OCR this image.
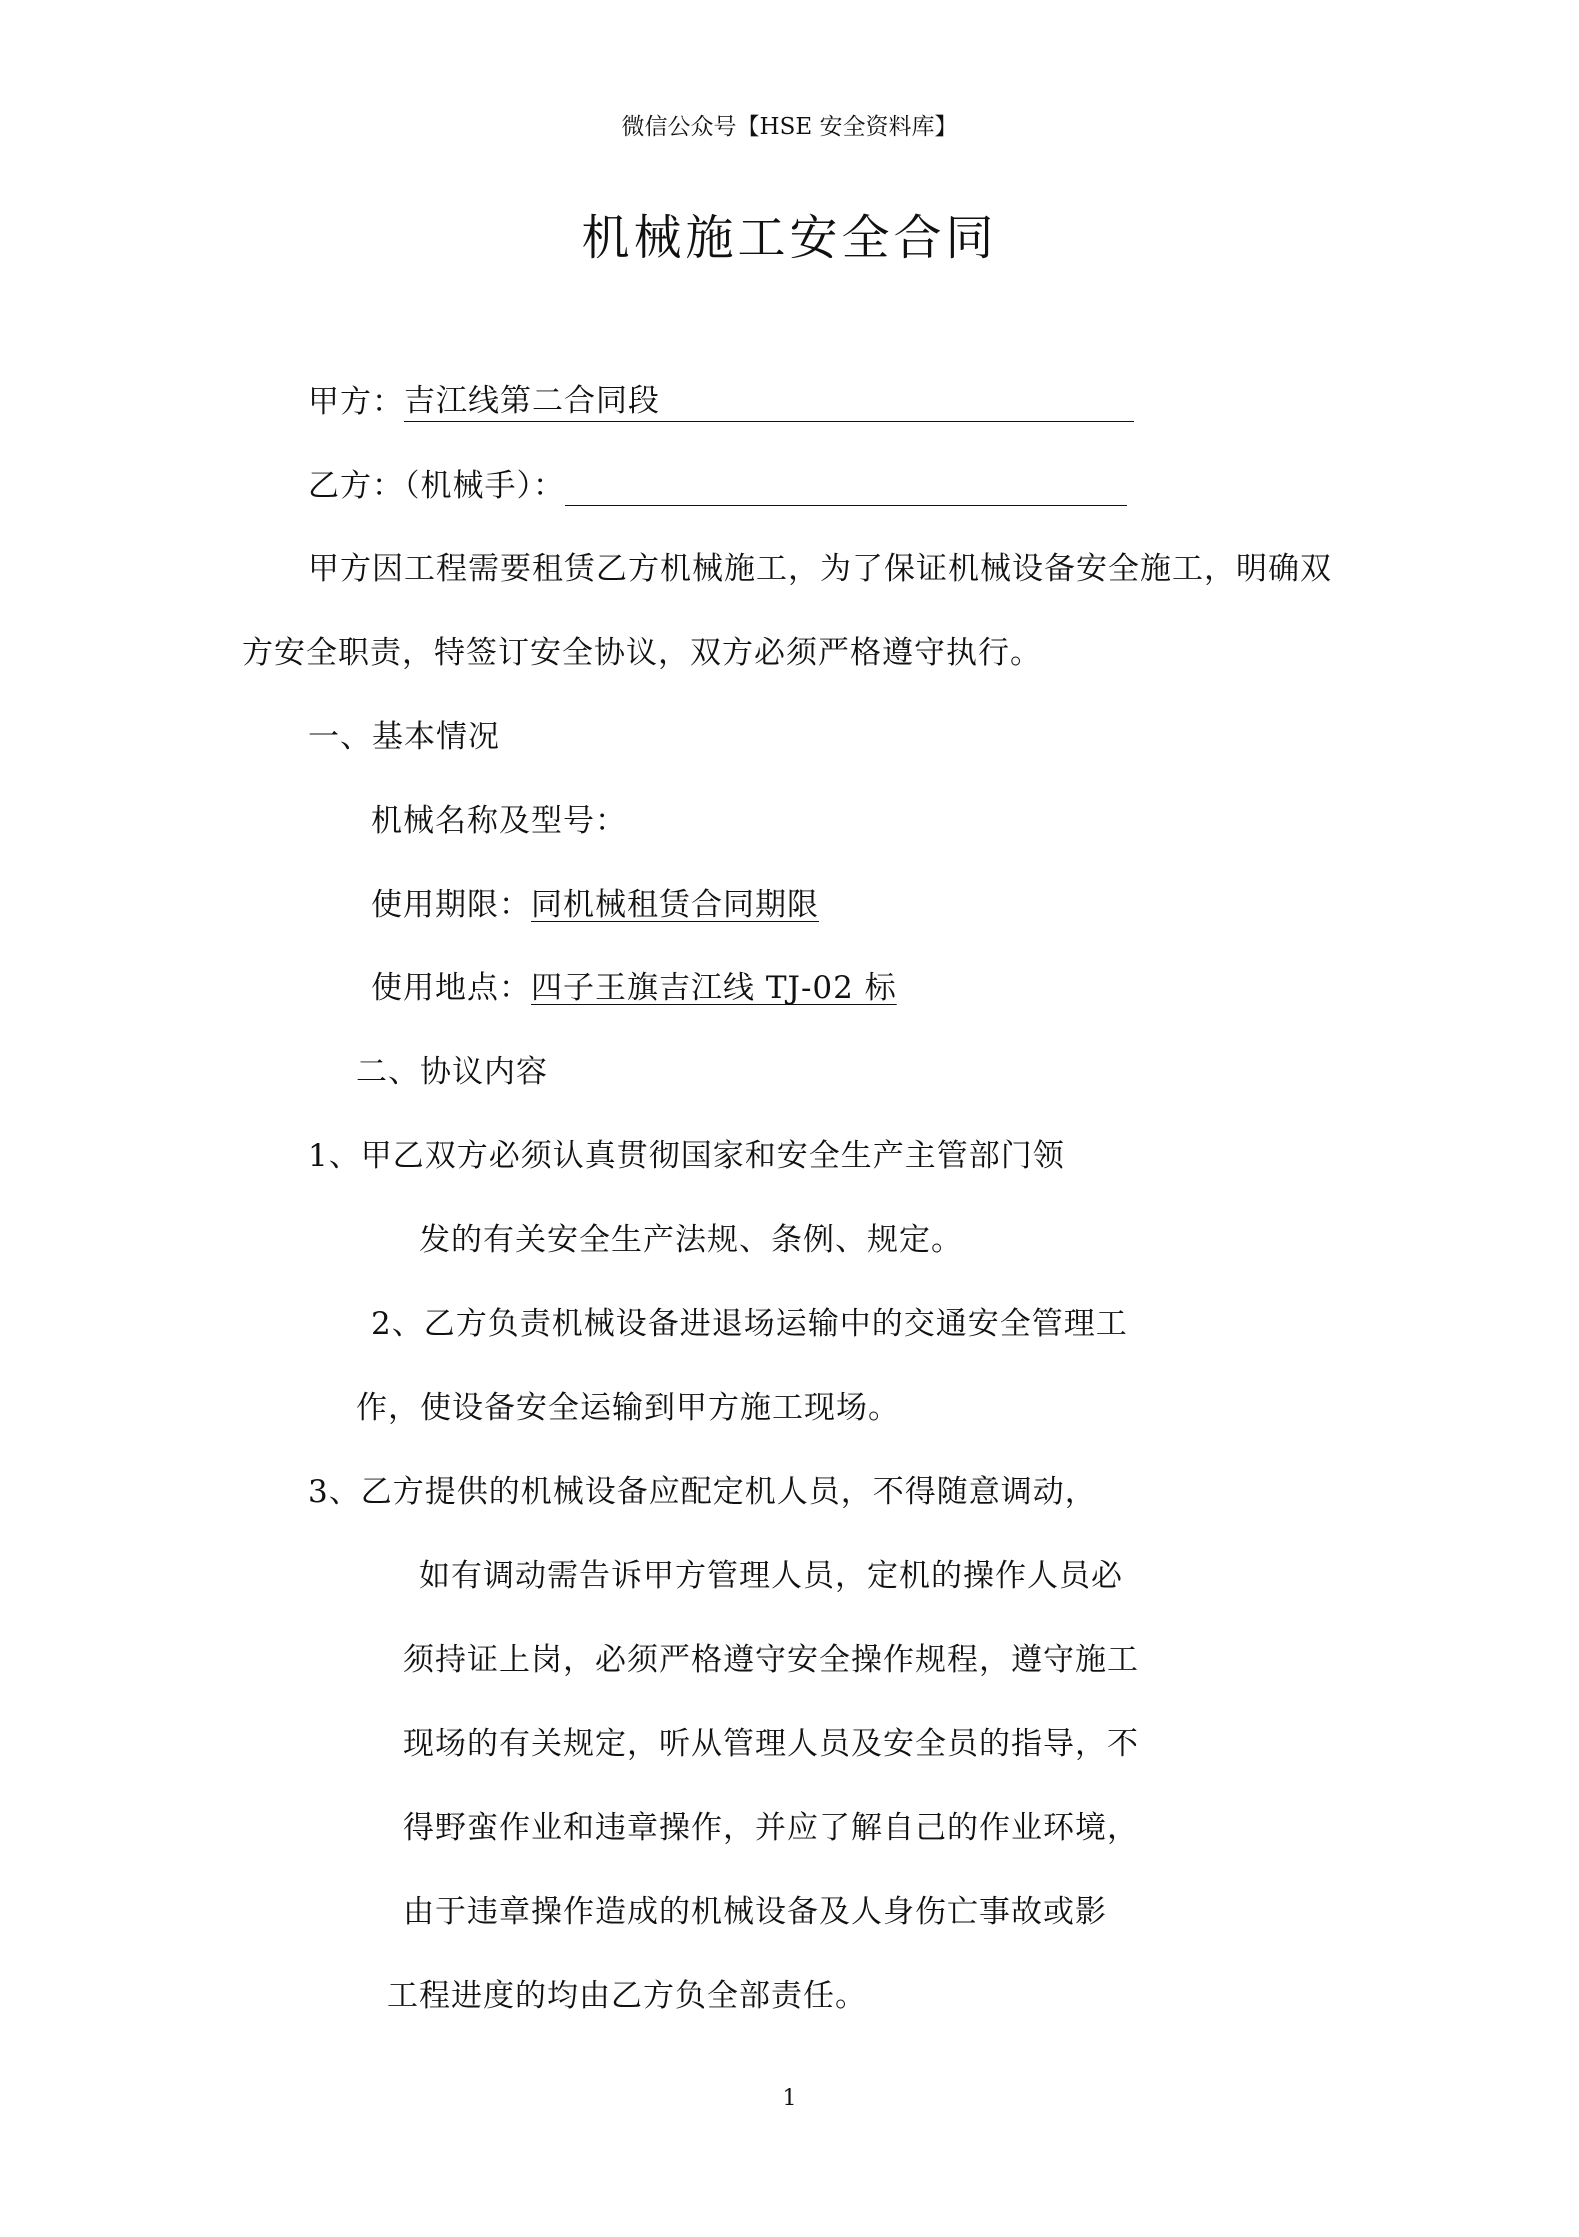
微信公众号【HSE 安全资料库】
机械施工安全合同
甲方：吉江线第二合同段
乙方：（机械手）：
甲方因工程需要租赁乙方机械施工，为了保证机械设备安全施工，明确双
方安全职责，特签订安全协议，双方必须严格遵守执行。
一、基本情况
机械名称及型号：
使用期限：同机械租赁合同期限
使用地点：四子王旗吉江线 TJ-02 标
二、协议内容
1、甲乙双方必须认真贯彻国家和安全生产主管部门领
发的有关安全生产法规、条例、规定。
2、乙方负责机械设备进退场运输中的交通安全管理工
作，使设备安全运输到甲方施工现场。
3、乙方提供的机械设备应配定机人员，不得随意调动，
如有调动需告诉甲方管理人员，定机的操作人员必
须持证上岗，必须严格遵守安全操作规程，遵守施工
现场的有关规定，听从管理人员及安全员的指导，不
得野蛮作业和违章操作，并应了解自己的作业环境，
由于违章操作造成的机械设备及人身伤亡事故或影
工程进度的均由乙方负全部责任。
1
